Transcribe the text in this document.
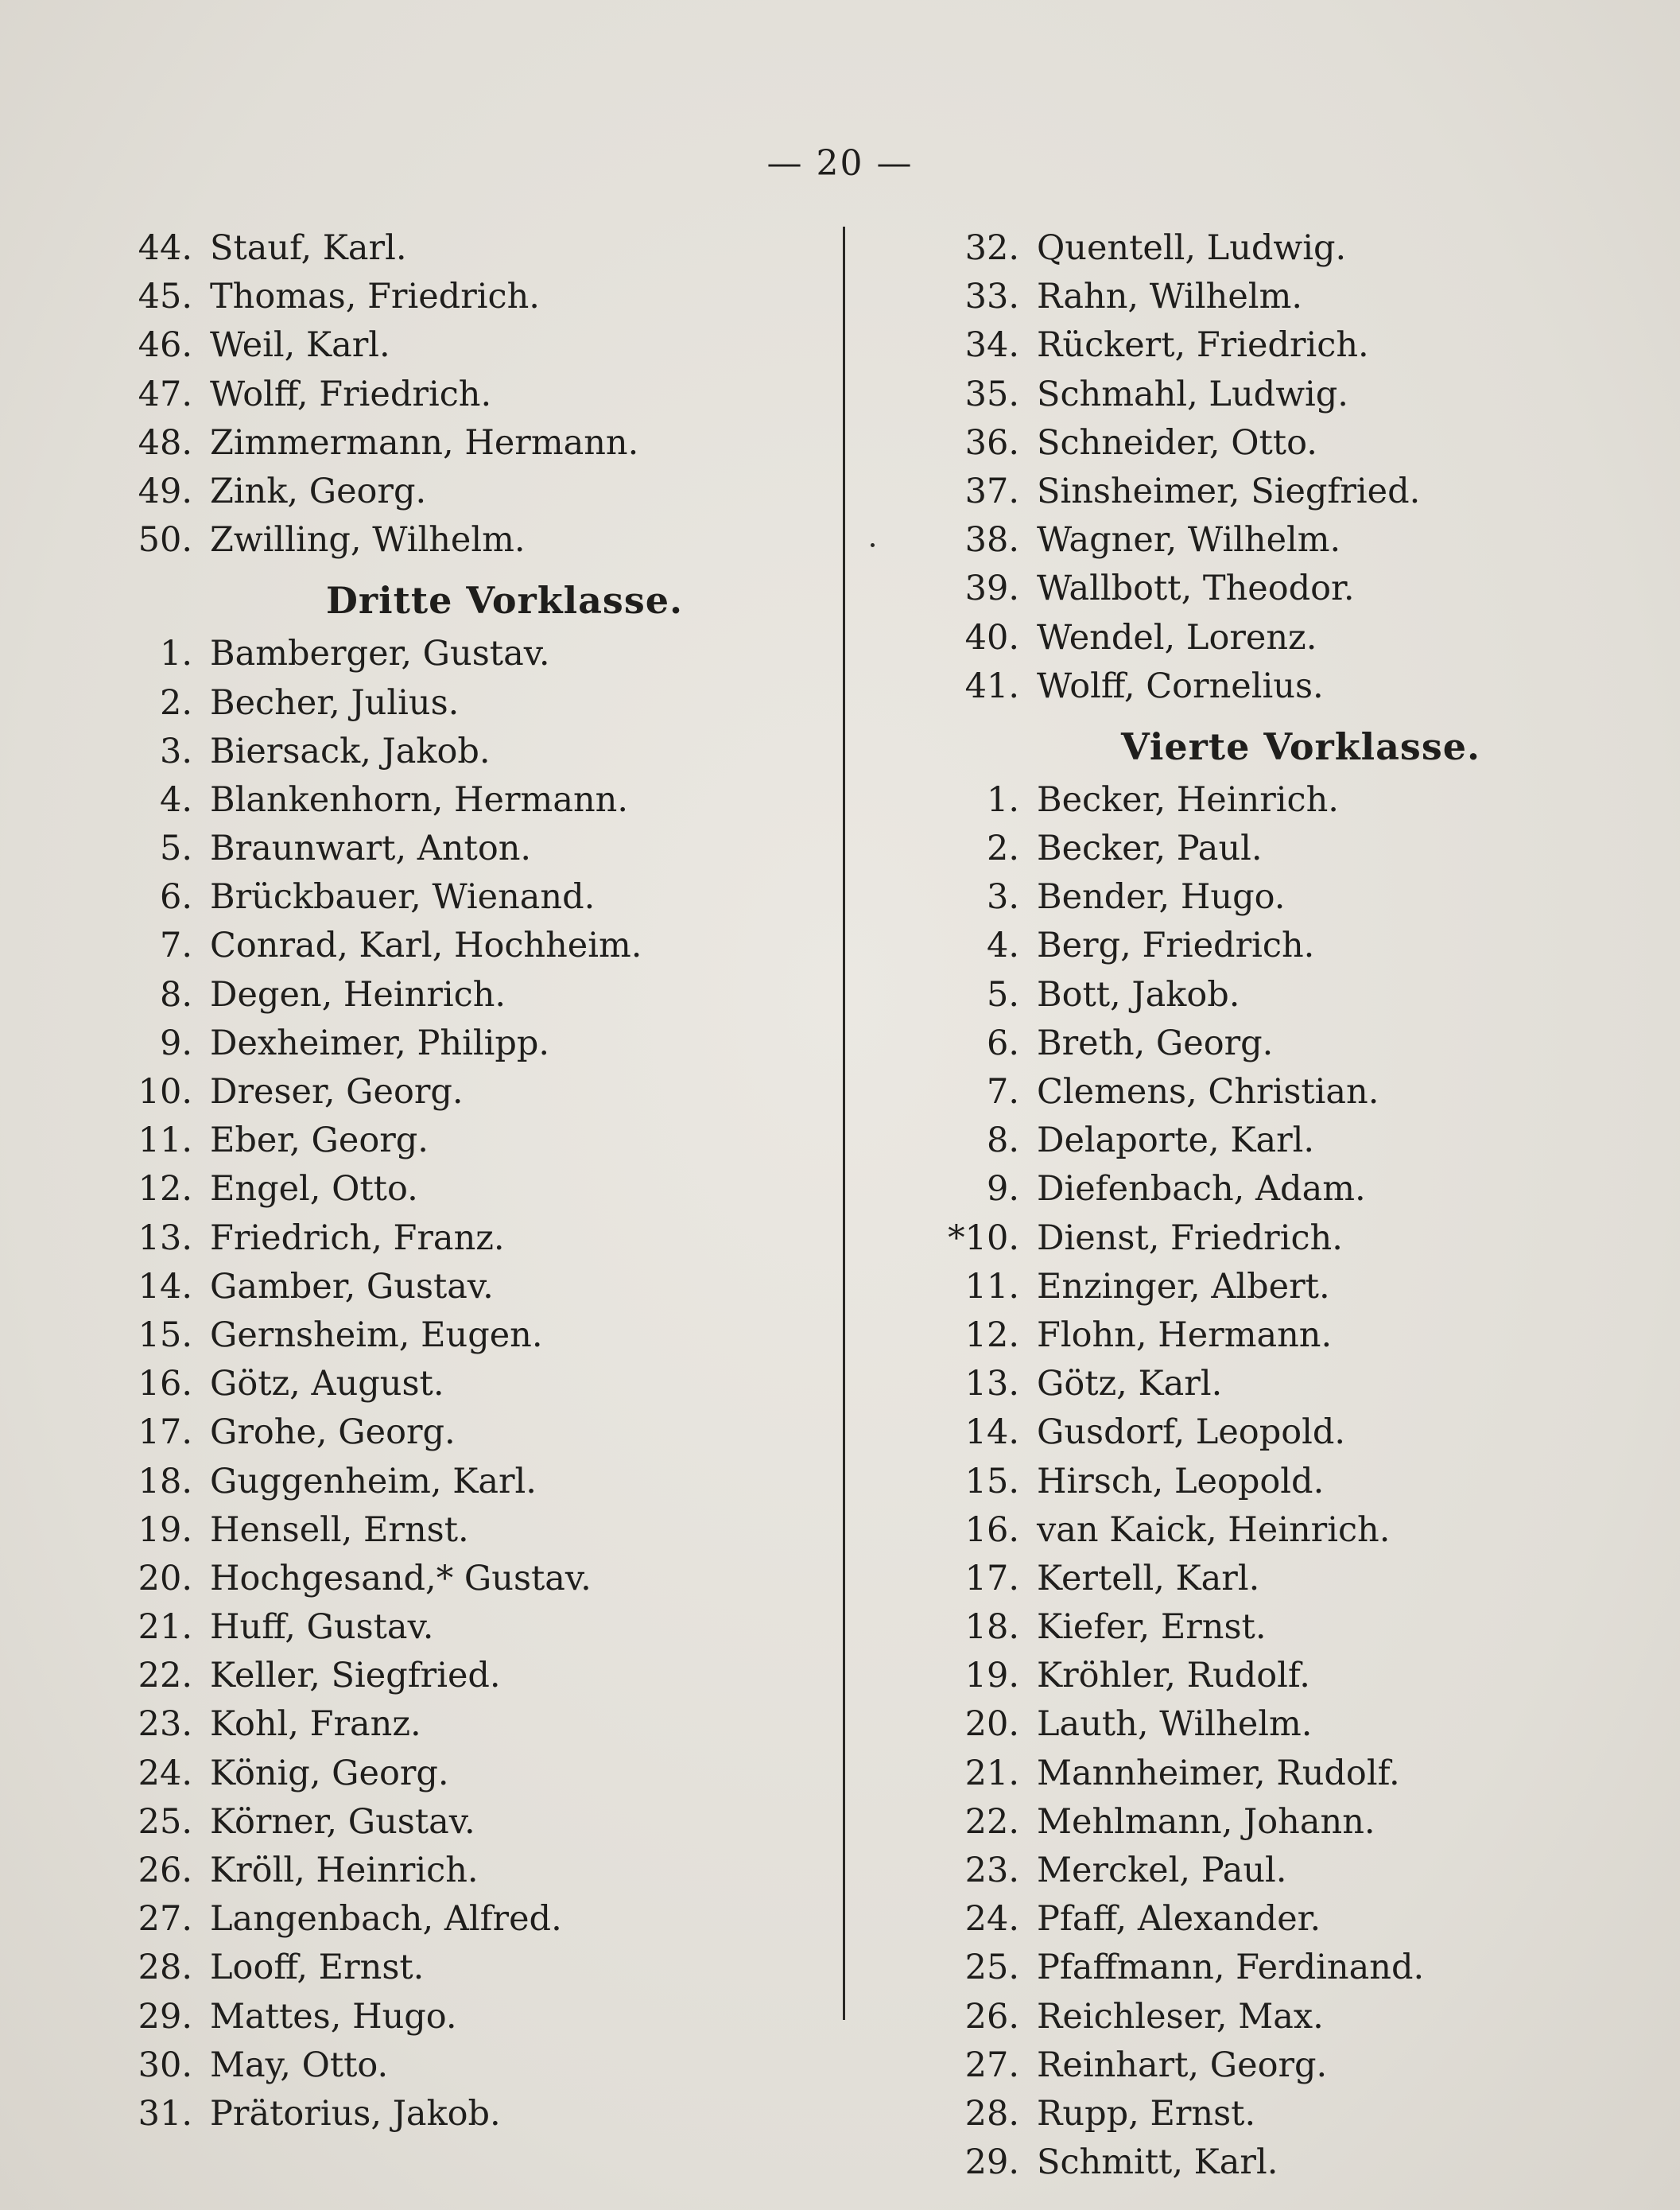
— 20 —
44. Stauf, Karl.
45. Thomas, Friedrich.
46. Weil, Karl.
47. Wolff, Friedrich.
48. Zimmermann, Hermann.
49. Zink, Georg.
50. Zwilling, Wilhelm.
Dritte Vorklasse.
1. Bamberger, Gustav.
2. Becher, Julius.
3. Biersack, Jakob.
4. Blankenhorn, Hermann.
5. Braunwart, Anton.
6. Brückbauer, Wienand.
7. Conrad, Karl, Hochheim.
8. Degen, Heinrich.
9. Dexheimer, Philipp.
10. Dreser, Georg.
11. Eber, Georg.
12. Engel, Otto.
13. Friedrich, Franz.
14. Gamber, Gustav.
15. Gernsheim, Eugen.
16. Götz, August.
17. Grohe, Georg.
18. Guggenheim, Karl.
19. Hensell, Ernst.
20. Hochgesand,* Gustav.
21. Huff, Gustav.
22. Keller, Siegfried.
23. Kohl, Franz.
24. König, Georg.
25. Körner, Gustav.
26. Kröll, Heinrich.
27. Langenbach, Alfred.
28. Looff, Ernst.
29. Mattes, Hugo.
30. May, Otto.
31. Prätorius, Jakob.
32. Quentell, Ludwig.
33. Rahn, Wilhelm.
34. Rückert, Friedrich.
35. Schmahl, Ludwig.
36. Schneider, Otto.
37. Sinsheimer, Siegfried.
38. Wagner, Wilhelm.
39. Wallbott, Theodor.
40. Wendel, Lorenz.
41. Wolff, Cornelius.
Vierte Vorklasse.
1. Becker, Heinrich.
2. Becker, Paul.
3. Bender, Hugo.
4. Berg, Friedrich.
5. Bott, Jakob.
6. Breth, Georg.
7. Clemens, Christian.
8. Delaporte, Karl.
9. Diefenbach, Adam.
*10. Dienst, Friedrich.
11. Enzinger, Albert.
12. Flohn, Hermann.
13. Götz, Karl.
14. Gusdorf, Leopold.
15. Hirsch, Leopold.
16. van Kaick, Heinrich.
17. Kertell, Karl.
18. Kiefer, Ernst.
19. Kröhler, Rudolf.
20. Lauth, Wilhelm.
21. Mannheimer, Rudolf.
22. Mehlmann, Johann.
23. Merckel, Paul.
24. Pfaff, Alexander.
25. Pfaffmann, Ferdinand.
26. Reichleser, Max.
27. Reinhart, Georg.
28. Rupp, Ernst.
29. Schmitt, Karl.
